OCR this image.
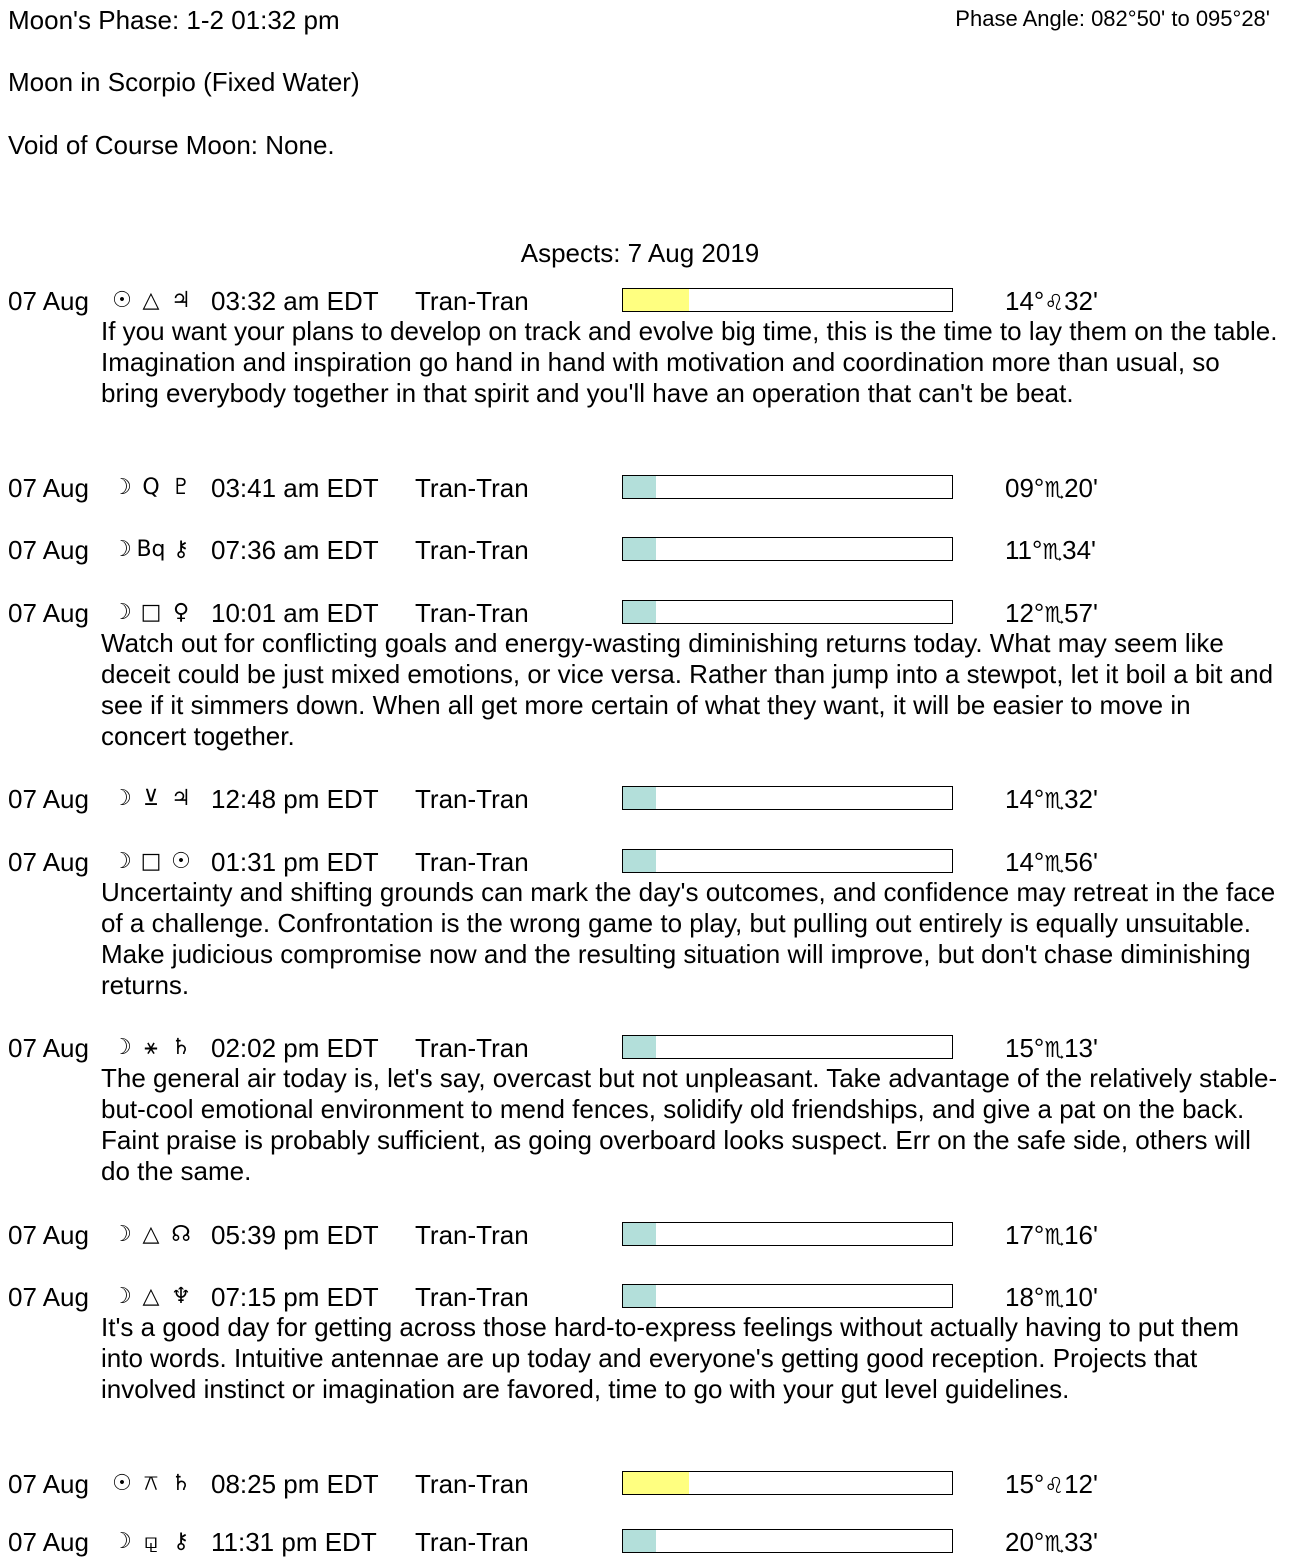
Moon's Phase: 1-2 01:32 pm	Phase Angle: 082°50' to 095°28'
Moon in Scorpio (Fixed Water)
Void of Course Moon: None.
Aspects: 7 Aug 2019
07 Aug ☉ △ ♃ 03:32 am EDT Tran-Tran	14°♌32'
If you want your plans to develop on track and evolve big time, this is the time to lay them on the table. Imagination and inspiration go hand in hand with motivation and coordination more than usual, so bring everybody together in that spirit and you'll have an operation that can't be beat.
07 Aug ☽ Q ♇ 03:41 am EDT Tran-Tran	09°♏20'
07 Aug ☽ Bq ⚷ 07:36 am EDT Tran-Tran	11°♏34'
07 Aug ☽ □ ♀ 10:01 am EDT Tran-Tran	12°♏57'
Watch out for conflicting goals and energy-wasting diminishing returns today. What may seem like deceit could be just mixed emotions, or vice versa. Rather than jump into a stewpot, let it boil a bit and see if it simmers down. When all get more certain of what they want, it will be easier to move in concert together.
07 Aug ☽ ⊻ ♃ 12:48 pm EDT Tran-Tran	14°♏32'
07 Aug ☽ □ ☉ 01:31 pm EDT Tran-Tran	14°♏56'
Uncertainty and shifting grounds can mark the day's outcomes, and confidence may retreat in the face of a challenge. Confrontation is the wrong game to play, but pulling out entirely is equally unsuitable. Make judicious compromise now and the resulting situation will improve, but don't chase diminishing returns.
07 Aug ☽ ⚹ ♄ 02:02 pm EDT Tran-Tran	15°♏13'
The general air today is, let's say, overcast but not unpleasant. Take advantage of the relatively stable-but-cool emotional environment to mend fences, solidify old friendships, and give a pat on the back. Faint praise is probably sufficient, as going overboard looks suspect. Err on the safe side, others will do the same.
07 Aug ☽ △ ☊ 05:39 pm EDT Tran-Tran	17°♏16'
07 Aug ☽ △ ♆ 07:15 pm EDT Tran-Tran	18°♏10'
It's a good day for getting across those hard-to-express feelings without actually having to put them into words. Intuitive antennae are up today and everyone's getting good reception. Projects that involved instinct or imagination are favored, time to go with your gut level guidelines.
07 Aug ☉ ⚻ ♄ 08:25 pm EDT Tran-Tran	15°♌12'
07 Aug ☽ ⚼ ⚷ 11:31 pm EDT Tran-Tran	20°♏33'
